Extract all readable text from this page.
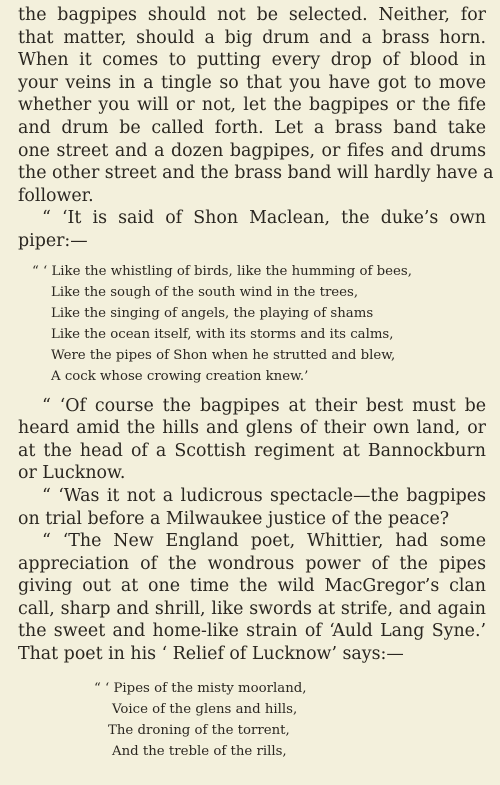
the bagpipes should not be selected. Neither, for
that matter, should a big drum and a brass horn.
When it comes to putting every drop of blood in
your veins in a tingle so that you have got to move
whether you will or not, let the bagpipes or the fife
and drum be called forth. Let a brass band take
one street and a dozen bagpipes, or fifes and drums
the other street and the brass band will hardly have a
follower.

“ ‘It is said of Shon Maclean, the duke’s own
piper:—

“ ‘ Like the whistling of birds, like the humming of bees,
Like the sough of the south wind in the trees,
Like the singing of angels, the playing of shams
Like the ocean itself, with its storms and its calms,
Were the pipes of Shon when he strutted and blew,
A cock whose crowing creation knew.’

“ ‘Of course the bagpipes at their best must be
heard amid the hills and glens of their own land, or
at the head of a Scottish regiment at Bannockburn
or Lucknow.

“ ‘Was it not a ludicrous spectacle—the bagpipes
on trial before a Milwaukee justice of the peace?

“ ‘The New England poet, Whittier, had some
appreciation of the wondrous power of the pipes
giving out at one time the wild MacGregor’s clan
call, sharp and shrill, like swords at strife, and again
the sweet and home-like strain of ‘Auld Lang Syne.’
That poet in his ‘ Relief of Lucknow’ says:—

“ ‘ Pipes of the misty moorland,
Voice of the glens and hills,
The droning of the torrent,
And the treble of the rills,
